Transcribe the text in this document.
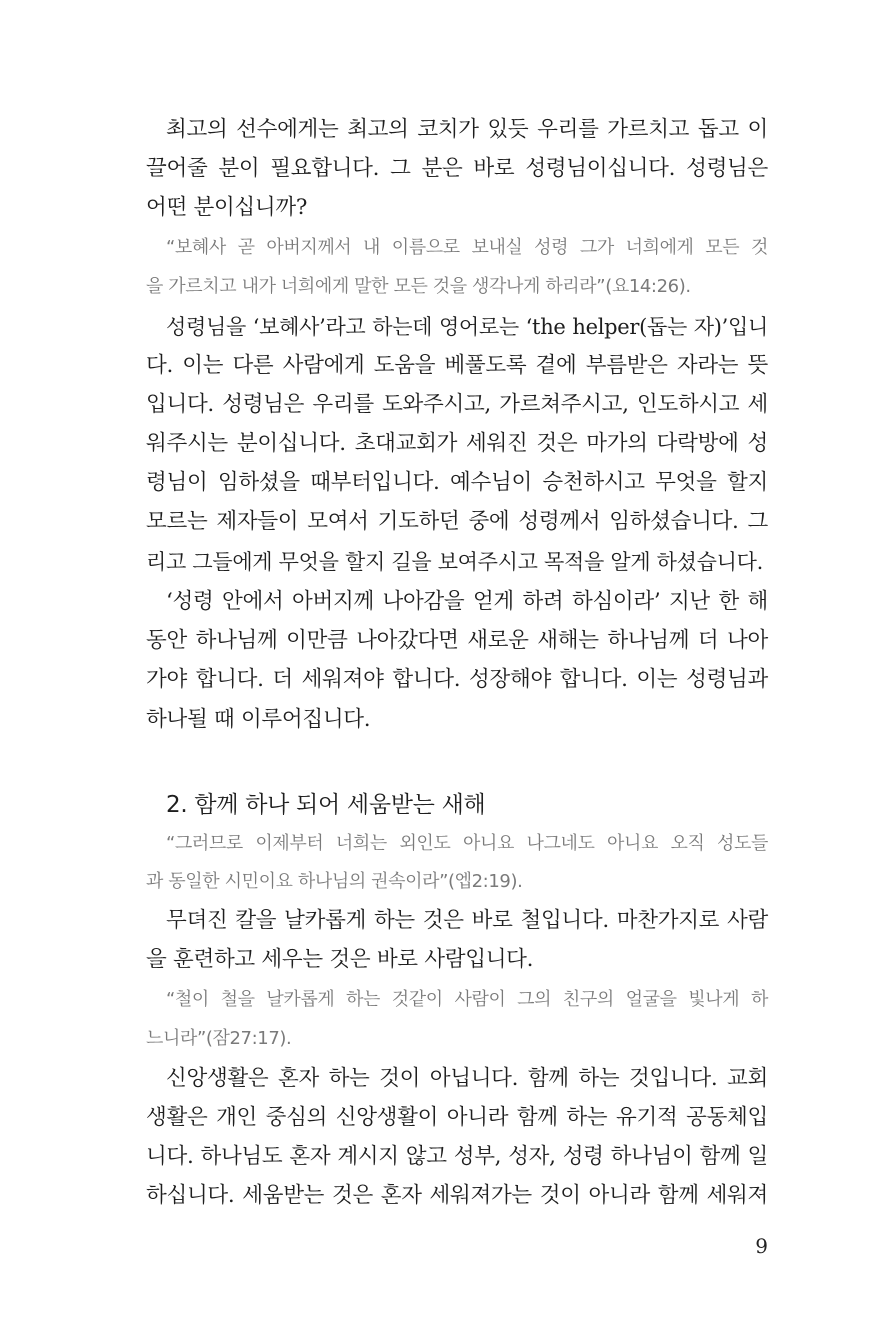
최고의 선수에게는 최고의 코치가 있듯 우리를 가르치고 돕고 이
끌어줄 분이 필요합니다. 그 분은 바로 성령님이십니다. 성령님은
어떤 분이십니까?
“보혜사 곧 아버지께서 내 이름으로 보내실 성령 그가 너희에게 모든 것
을 가르치고 내가 너희에게 말한 모든 것을 생각나게 하리라”(요14:26).
성령님을 ‘보혜사’라고 하는데 영어로는 ‘the helper(돕는 자)’입니
다. 이는 다른 사람에게 도움을 베풀도록 곁에 부름받은 자라는 뜻
입니다. 성령님은 우리를 도와주시고, 가르쳐주시고, 인도하시고 세
워주시는 분이십니다. 초대교회가 세워진 것은 마가의 다락방에 성
령님이 임하셨을 때부터입니다. 예수님이 승천하시고 무엇을 할지
모르는 제자들이 모여서 기도하던 중에 성령께서 임하셨습니다. 그
리고 그들에게 무엇을 할지 길을 보여주시고 목적을 알게 하셨습니다.
‘성령 안에서 아버지께 나아감을 얻게 하려 하심이라’ 지난 한 해
동안 하나님께 이만큼 나아갔다면 새로운 새해는 하나님께 더 나아
가야 합니다. 더 세워져야 합니다. 성장해야 합니다. 이는 성령님과
하나될 때 이루어집니다.
2. 함께 하나 되어 세움받는 새해
“그러므로 이제부터 너희는 외인도 아니요 나그네도 아니요 오직 성도들
과 동일한 시민이요 하나님의 권속이라”(엡2:19).
무뎌진 칼을 날카롭게 하는 것은 바로 철입니다. 마찬가지로 사람
을 훈련하고 세우는 것은 바로 사람입니다.
“철이 철을 날카롭게 하는 것같이 사람이 그의 친구의 얼굴을 빛나게 하
느니라”(잠27:17).
신앙생활은 혼자 하는 것이 아닙니다. 함께 하는 것입니다. 교회
생활은 개인 중심의 신앙생활이 아니라 함께 하는 유기적 공동체입
니다. 하나님도 혼자 계시지 않고 성부, 성자, 성령 하나님이 함께 일
하십니다. 세움받는 것은 혼자 세워져가는 것이 아니라 함께 세워져
9
